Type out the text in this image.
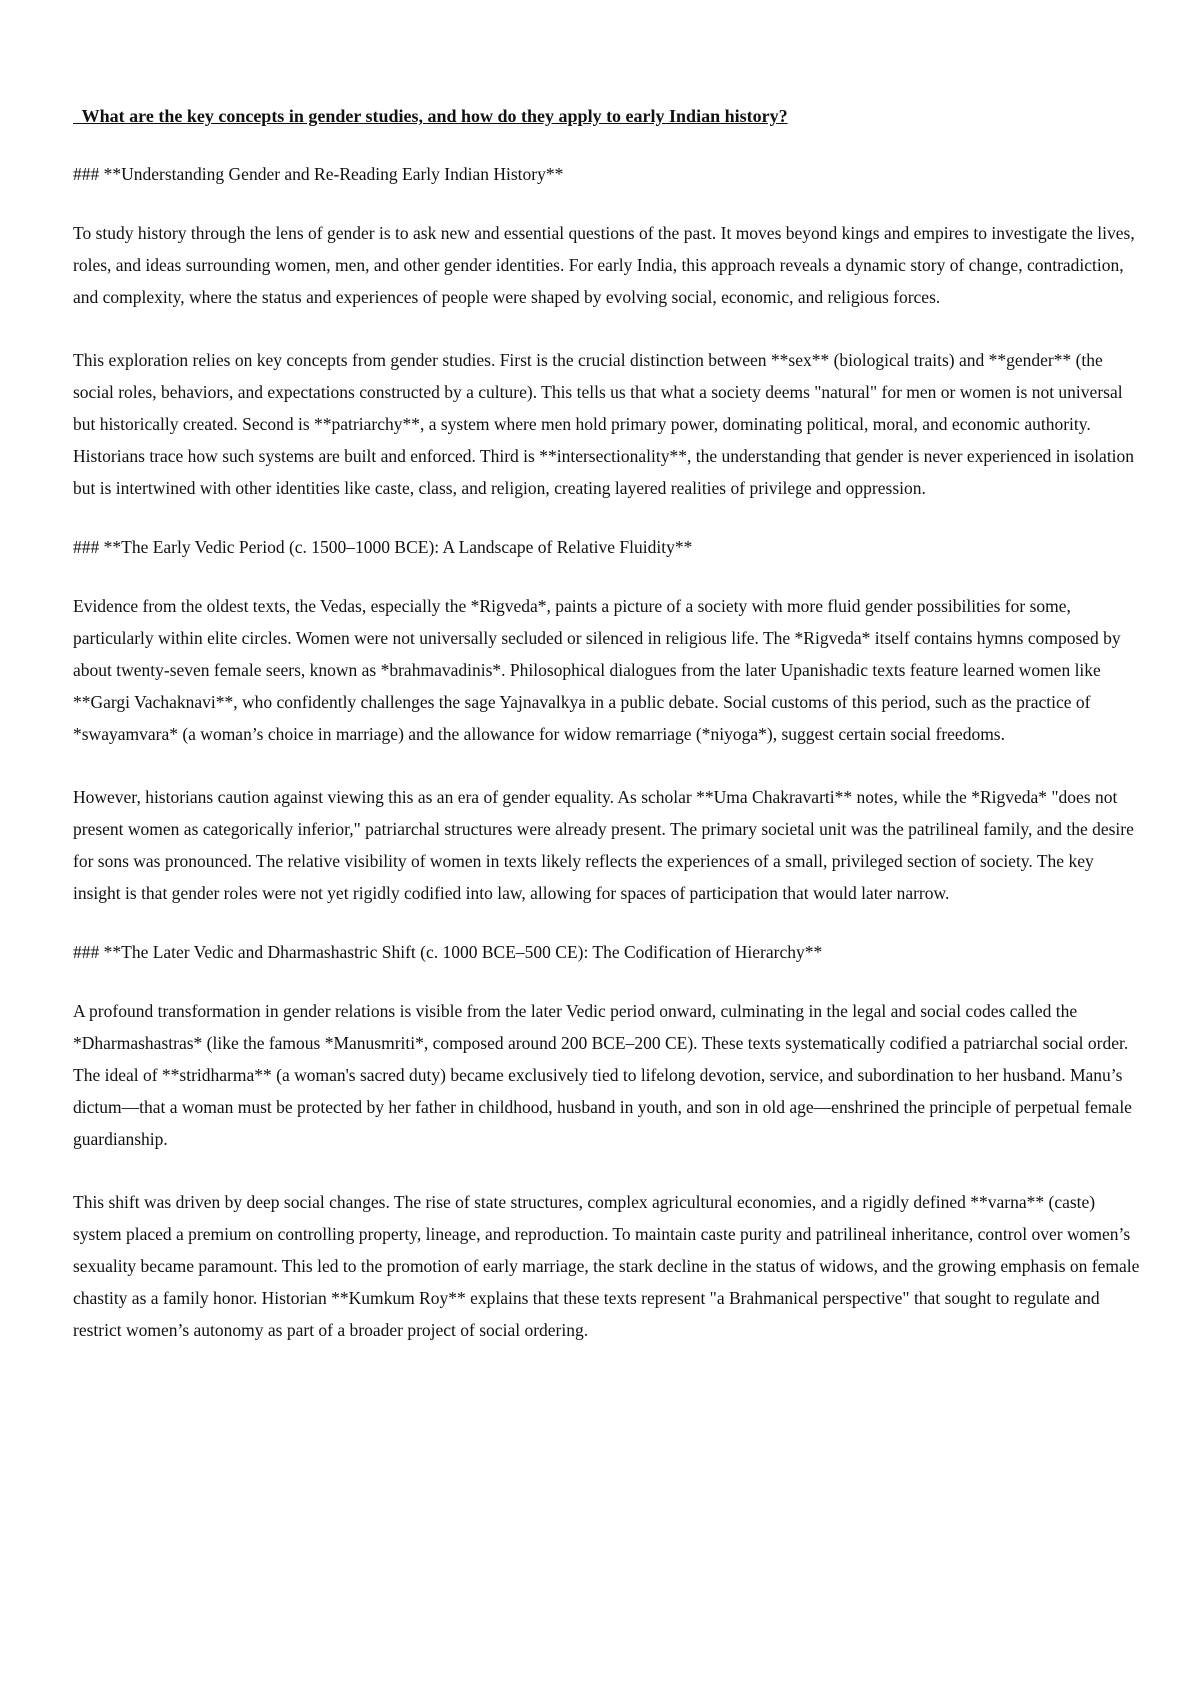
What are the key concepts in gender studies, and how do they apply to early Indian history?
### **Understanding Gender and Re-Reading Early Indian History**
To study history through the lens of gender is to ask new and essential questions of the past. It moves beyond kings and empires to investigate the lives, roles, and ideas surrounding women, men, and other gender identities. For early India, this approach reveals a dynamic story of change, contradiction, and complexity, where the status and experiences of people were shaped by evolving social, economic, and religious forces.
This exploration relies on key concepts from gender studies. First is the crucial distinction between **sex** (biological traits) and **gender** (the social roles, behaviors, and expectations constructed by a culture). This tells us that what a society deems "natural" for men or women is not universal but historically created. Second is **patriarchy**, a system where men hold primary power, dominating political, moral, and economic authority. Historians trace how such systems are built and enforced. Third is **intersectionality**, the understanding that gender is never experienced in isolation but is intertwined with other identities like caste, class, and religion, creating layered realities of privilege and oppression.
### **The Early Vedic Period (c. 1500–1000 BCE): A Landscape of Relative Fluidity**
Evidence from the oldest texts, the Vedas, especially the *Rigveda*, paints a picture of a society with more fluid gender possibilities for some, particularly within elite circles. Women were not universally secluded or silenced in religious life. The *Rigveda* itself contains hymns composed by about twenty-seven female seers, known as *brahmavadinis*. Philosophical dialogues from the later Upanishadic texts feature learned women like **Gargi Vachaknavi**, who confidently challenges the sage Yajnavalkya in a public debate. Social customs of this period, such as the practice of *swayamvara* (a woman’s choice in marriage) and the allowance for widow remarriage (*niyoga*), suggest certain social freedoms.
However, historians caution against viewing this as an era of gender equality. As scholar **Uma Chakravarti** notes, while the *Rigveda* "does not present women as categorically inferior," patriarchal structures were already present. The primary societal unit was the patrilineal family, and the desire for sons was pronounced. The relative visibility of women in texts likely reflects the experiences of a small, privileged section of society. The key insight is that gender roles were not yet rigidly codified into law, allowing for spaces of participation that would later narrow.
### **The Later Vedic and Dharmashastric Shift (c. 1000 BCE–500 CE): The Codification of Hierarchy**
A profound transformation in gender relations is visible from the later Vedic period onward, culminating in the legal and social codes called the *Dharmashastras* (like the famous *Manusmriti*, composed around 200 BCE–200 CE). These texts systematically codified a patriarchal social order. The ideal of **stridharma** (a woman's sacred duty) became exclusively tied to lifelong devotion, service, and subordination to her husband. Manu’s dictum—that a woman must be protected by her father in childhood, husband in youth, and son in old age—enshrined the principle of perpetual female guardianship.
This shift was driven by deep social changes. The rise of state structures, complex agricultural economies, and a rigidly defined **varna** (caste) system placed a premium on controlling property, lineage, and reproduction. To maintain caste purity and patrilineal inheritance, control over women’s sexuality became paramount. This led to the promotion of early marriage, the stark decline in the status of widows, and the growing emphasis on female chastity as a family honor. Historian **Kumkum Roy** explains that these texts represent "a Brahmanical perspective" that sought to regulate and restrict women’s autonomy as part of a broader project of social ordering.
